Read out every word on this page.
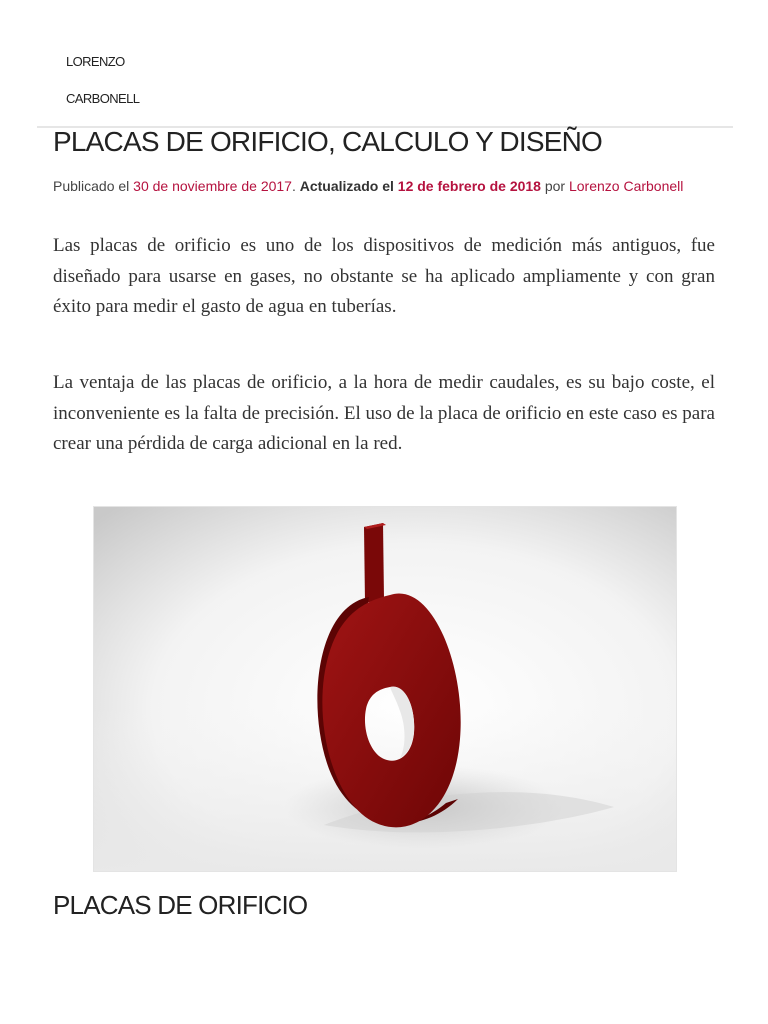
LORENZO
CARBONELL
PLACAS DE ORIFICIO, CALCULO Y DISEÑO
Publicado el 30 de noviembre de 2017. Actualizado el 12 de febrero de 2018 por Lorenzo Carbonell

Las placas de orificio es uno de los dispositivos de medición más antiguos, fue diseñado para usarse en gases, no obstante se ha aplicado ampliamente y con gran éxito para medir el gasto de agua en tuberías.

La ventaja de las placas de orificio, a la hora de medir caudales, es su bajo coste, el inconveniente es la falta de precisión. El uso de la placa de orificio en este caso es para crear una pérdida de carga adicional en la red.

PLACAS DE ORIFICIO
